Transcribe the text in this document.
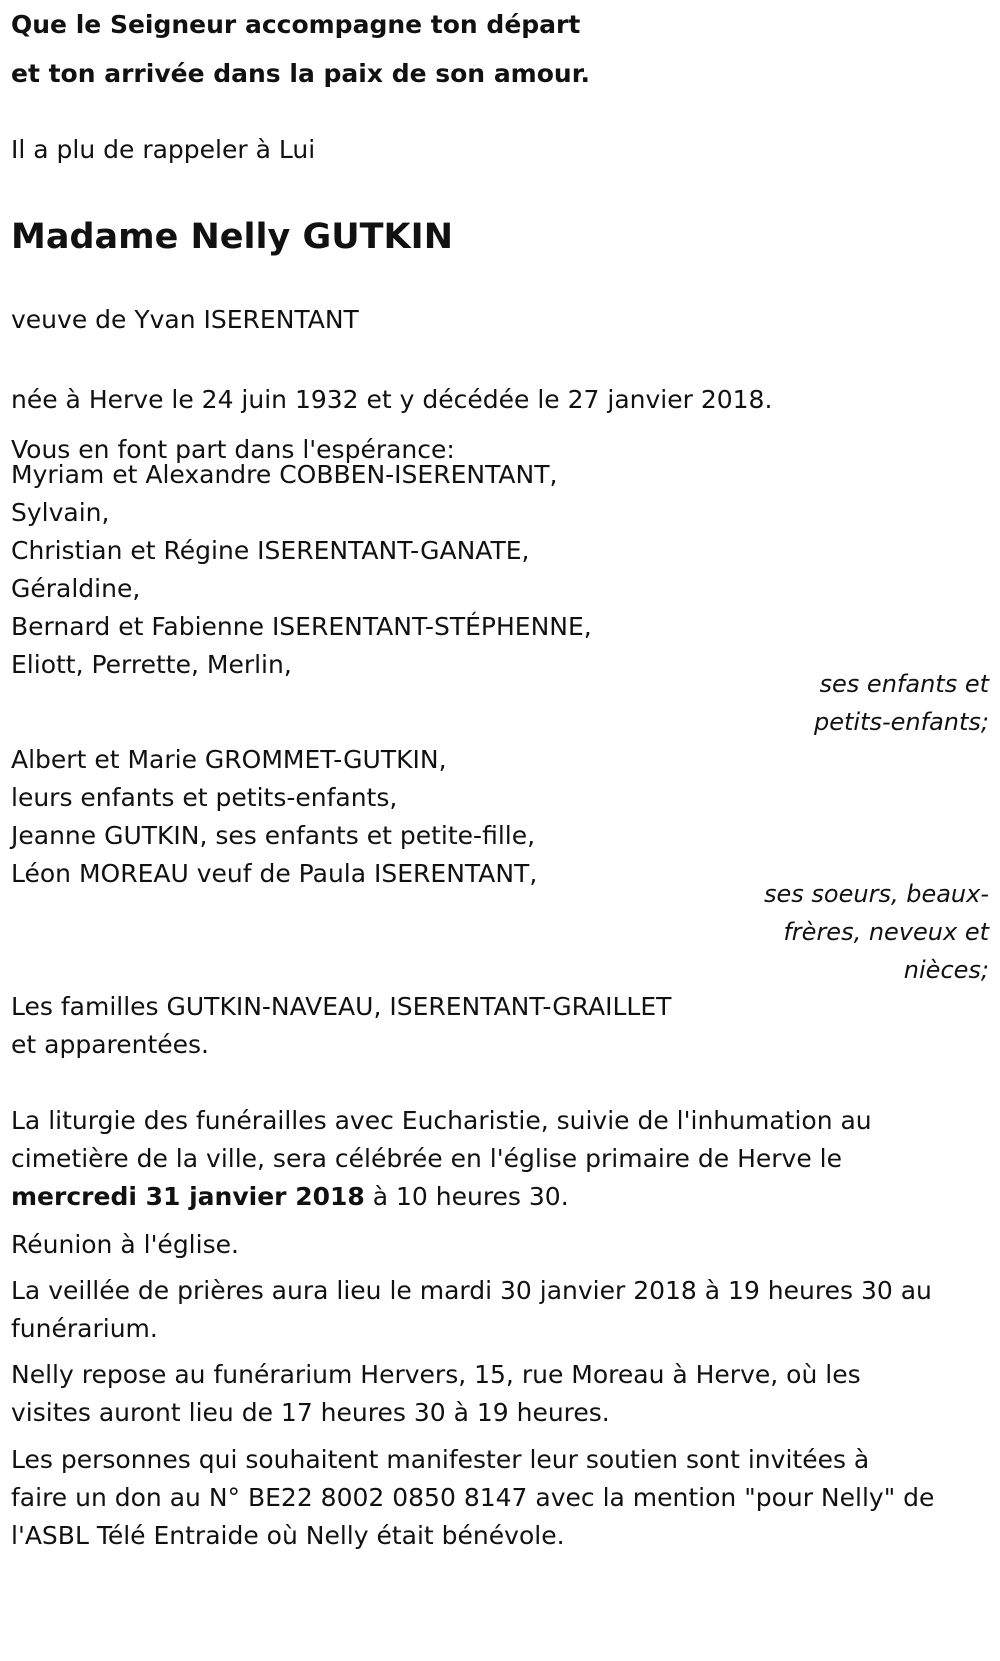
Que le Seigneur accompagne ton départ
et ton arrivée dans la paix de son amour.
Il a plu de rappeler à Lui
Madame Nelly GUTKIN
veuve de Yvan ISERENTANT
née à Herve le 24 juin 1932 et y décédée le 27 janvier 2018.
Vous en font part dans l'espérance:
Myriam et Alexandre COBBEN-ISERENTANT,
Sylvain,
Christian et Régine ISERENTANT-GANATE,
Géraldine,
Bernard et Fabienne ISERENTANT-STÉPHENNE,
Eliott, Perrette, Merlin,
ses enfants et
petits-enfants;
Albert et Marie GROMMET-GUTKIN,
leurs enfants et petits-enfants,
Jeanne GUTKIN, ses enfants et petite-fille,
Léon MOREAU veuf de Paula ISERENTANT,
ses soeurs, beaux-
frères, neveux et
nièces;
Les familles GUTKIN-NAVEAU, ISERENTANT-GRAILLET
et apparentées.
La liturgie des funérailles avec Eucharistie, suivie de l'inhumation au
cimetière de la ville, sera célébrée en l'église primaire de Herve le
mercredi 31 janvier 2018 à 10 heures 30.
Réunion à l'église.
La veillée de prières aura lieu le mardi 30 janvier 2018 à 19 heures 30 au
funérarium.
Nelly repose au funérarium Hervers, 15, rue Moreau à Herve, où les
visites auront lieu de 17 heures 30 à 19 heures.
Les personnes qui souhaitent manifester leur soutien sont invitées à
faire un don au N° BE22 8002 0850 8147 avec la mention "pour Nelly" de
l'ASBL Télé Entraide où Nelly était bénévole.
